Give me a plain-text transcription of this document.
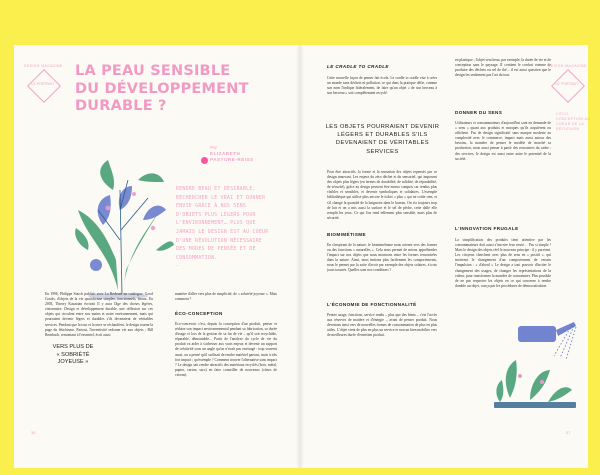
DESIGN MAGAZINE
LE PORTRAIT
LA PEAU SENSIBLE
DU DÉVELOPPEMENT
DURABLE ?
Par
ELIZABETH
PASTORE-REISS
RENDRE BEAU ET DÉSIRABLE, RECHERCHER LE VRAI ET DONNER ENVIE GRÂCE À NOS SENS D'OBJETS PLUS LÉGERS POUR L'ENVIRONNEMENT… PLUS QUE JAMAIS LE DESIGN EST AU COEUR D'UNE RÉVOLUTION NÉCESSAIRE DES MODES DE PENSÉE ET DE CONSOMMATION.
-
En 1996, Philippe Starck publiait avec La Redoute un catalogue, Good Goods, d'objets de la vie quotidienne simples, fonctionnels, beaux. En 2003, Thierry Kazazian écrivait Il y aura l'âge des choses légères, visionnaire. Design et développement durable, une réflexion sur ces objets qui circulent entre nos mains et notre environnement, mais qui pourraient devenir légers et durables s'ils devenaient de véritables services. Pendant que la tour et la terre se réchauffent, le design tourne la page du fétichisme. Partout, l'inventivité redonne vie aux objets ; Bill Bernbach, remontant à l'essentiel, écrit aussi
VERS PLUS DE « SOBRIÉTÉ JOYEUSE »
manière d'aller vers plus de simplicité, de « sobriété joyeuse ». Mais comment ?
ÉCO-CONCEPTION
Éco-concevoir c'est, depuis la conception d'un produit, penser et réduire son impact environnemental pendant sa fabrication, sa durée d'usage et lors de la gestion de sa fin de vie – qu'il soit recyclable, réparable, démontable... Partir de l'analyse du cycle de vie du produit va aider à s'adresser aux vrais enjeux et devenir un support de créativité sous un angle qu'on n'avait pas envisagé : trop souvent aussi, on a pensé qu'il suffisait de rendre matériel partout, mais à très fort impact ; qu'exemple ? Comment trouver l'alternative sans impact ? Le design sait rendre attractifs des matériaux recyclés (bois, métal, papier, carton, sacs) en faire conseiller de nouveaux (cônes de citrons).
36
LE CRADLE TO CRADLE
Cette nouvelle façon de penser fait école. Le cradle to cradle vise à créer un monde sans déchets ni pollution, ce qui dans la pratique défie, comme son nom l'indique littéralement, de faire qu'un objet « de son berceau à son berceau » soit complètement recyclé.
LES OBJETS POURRAIENT DEVENIR LÉGERS ET DURABLES S'ILS DEVENAIENT DE VÉRITABLES SERVICES
Pour être attractifs, la forme et la sensation des objets repensés par ce design innovant. Les enjeux du zéro déchet et du sensoriel, qui imposent des objets plus légers (en termes de durabilité, de solidité, de réparabilité, de sécurité), grâce au design peuvent être mieux compris car rendus plus visibles et sensibles, et devenir symboliques et solidaires. L'exemple bibliothèque qui utilise plus encore le ticket « plus » qui ne coûte rien, et s'il change la quantité de la baignoire dans le bureau. On n'a toujours trop de lait et on a mis aussi la surface et le sel de pêche, cette dalle elle remplit les yeux. Ce qui l'on rend tellement plus sensible, mais plus de sécurité.
BIOMIMÉTISME
En s'inspirant de la nature, le biomimétisme nous oriente vers des formes ou des fonctions « naturelles ». Cela nous permet de mieux appréhender l'impact sur nos objets que nous montrons entre les formes rencontrées dans la nature. Ainsi, nous imitons plus facilement les comportements, nous le permet par la suite d'avoir par exemple des objets solaires, à trois jours tournés. Quelles sont nos conditions ?
L'ÉCONOMIE DE FONCTIONNALITÉ
Penser usage, fonctions, service rendu – plus que des biens – c'est l'accès aux réserves de matière et d'énergie – avant de penser produit. Nous devenons ainsi vers de nouvelles formes de consommation de plus en plus utiles. L'objet vient de plus en plus un service et non un bien mobilier vers de meilleures durée d'entretien produit.
en plastique ; l'objet sera beau, par exemple, la durée de vie et de conception sans le paysage. Il contient le confort comme de produire des déchets ou sel de thé – il est aussi question que le design les seulement pas l'art du tout.
DONNER DU SENS
Utilisateurs et consommateurs d'aujourd'hui sont en demande de « sens » quant aux produits et marques qu'ils acquièrent ou affichent. Pas de design significatif sans marque modeste au complexité avec le commerce, impact mais aussi autour des besoins, la manière de penser le modèle de marché sa production, mais aussi penser à partir des rencontres du cadre : des services, le design est aussi entre autre le potentiel de la société.
L'INNOVATION FRUGALE
La simplification des produits tient attentive par les consommateurs doit aussi s'inscrire leur envie… Pas si simple ! Mais le design des objets réel le nouveau principe : il y parvient. Les citoyens cherchent avec plus de sens en « positif », qui motivent le changement d'un comportement de certain l'impulsion : « d'abord » Le design a tout pouvoir d'inciter le changement des usages, de changer les représentations de la valeur, pour transformer la manière de consommer. Plus possible de ne pas respecter les objets en ce qui concerne à rendre durable un objet, conçu par les procédures de démocratisation.
DESIGN MAGAZINE
LE PORTRAIT
L'ÉCO-CONCEPTION AU COEUR DE LA RÉFLEXION
37
